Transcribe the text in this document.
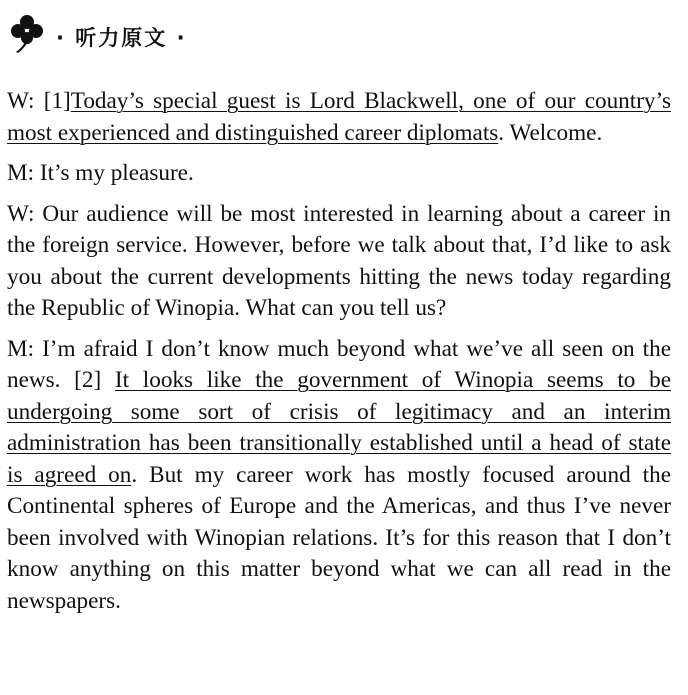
· 听力原文 ·

W: [1]Today’s special guest is Lord Blackwell, one of our country’s most experienced and distinguished career diplomats. Welcome.

M: It’s my pleasure.

W: Our audience will be most interested in learning about a career in the foreign service. However, before we talk about that, I’d like to ask you about the current developments hitting the news today regarding the Republic of Winopia. What can you tell us?

M: I’m afraid I don’t know much beyond what we’ve all seen on the news. [2] It looks like the government of Winopia seems to be undergoing some sort of crisis of legitimacy and an interim administration has been transitionally established until a head of state is agreed on. But my career work has mostly focused around the Continental spheres of Europe and the Americas, and thus I’ve never been involved with Winopian relations. It’s for this reason that I don’t know anything on this matter beyond what we can all read in the newspapers.
